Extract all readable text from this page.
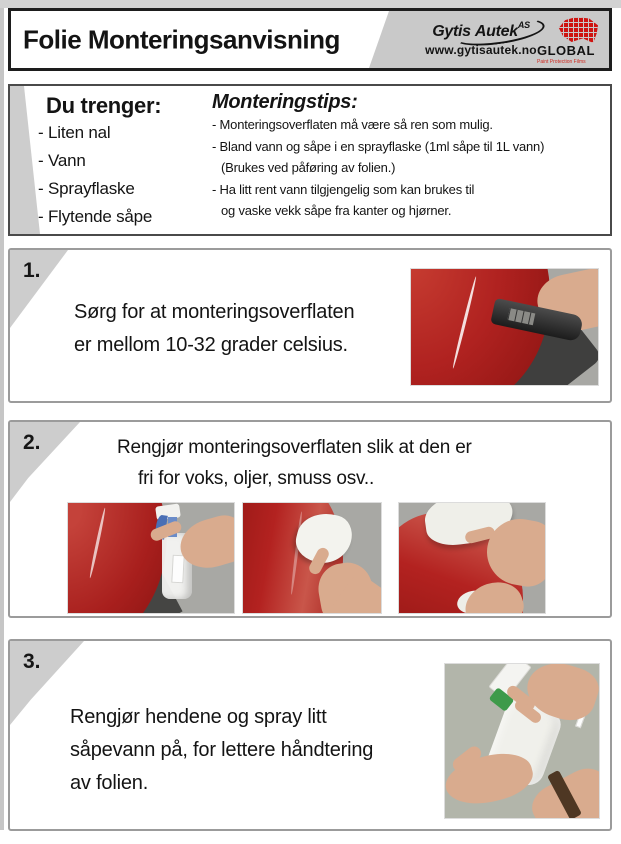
Folie Monteringsanvisning	Gytis Autek$^{AS}$
www.gytisautek.no GLOBAL
Paint Protection Films
Du trenger:
- Liten nal
- Vann
- Sprayflaske
- Flytende såpe
Monteringstips:
- Monteringsoverflaten må være så ren som mulig.
- Bland vann og såpe i en sprayflaske (1ml såpe til 1L vann)
(Brukes ved påføring av folien.)
- Ha litt rent vann tilgjengelig som kan brukes til
og vaske vekk såpe fra kanter og hjørner.
1.
Sørg for at monteringsoverflaten
er mellom 10-32 grader celsius.
2.	Rengjør monteringsoverflaten slik at den er
fri for voks, oljer, smuss osv..
3.
Rengjør hendene og spray litt
såpevann på, for lettere håndtering
av folien.
